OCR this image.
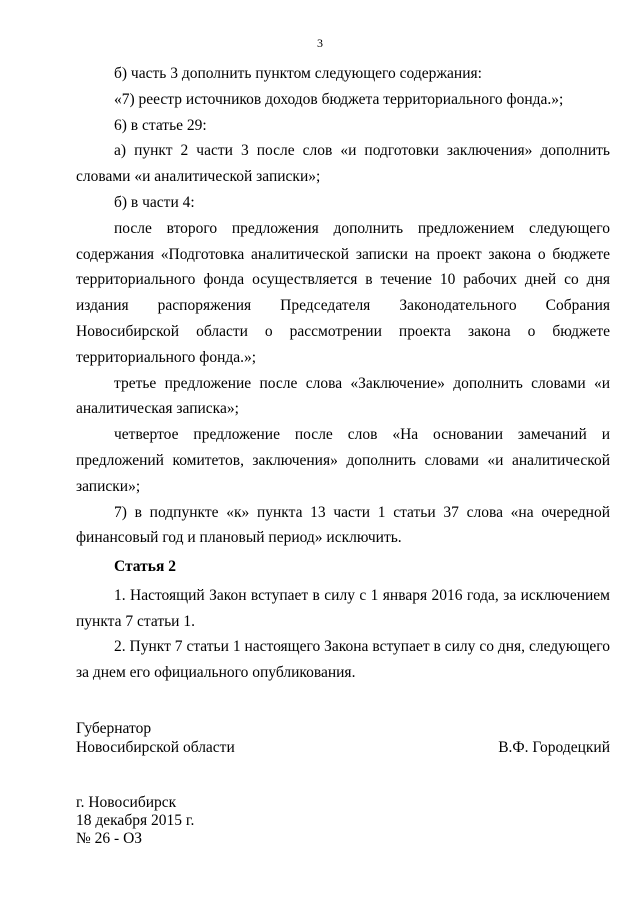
3

б) часть 3 дополнить пунктом следующего содержания:

«7) реестр источников доходов бюджета территориального фонда.»;

6) в статье 29:

а) пункт 2 части 3 после слов «и подготовки заключения» дополнить словами «и аналитической записки»;

б) в части 4:

после второго предложения дополнить предложением следующего содержания «Подготовка аналитической записки на проект закона о бюджете территориального фонда осуществляется в течение 10 рабочих дней со дня издания распоряжения Председателя Законодательного Собрания Новосибирской области о рассмотрении проекта закона о бюджете территориального фонда.»;

третье предложение после слова «Заключение» дополнить словами «и аналитическая записка»;

четвертое предложение после слов «На основании замечаний и предложений комитетов, заключения» дополнить словами «и аналитической записки»;

7) в подпункте «к» пункта 13 части 1 статьи 37 слова «на очередной финансовый год и плановый период» исключить.

Статья 2

1. Настоящий Закон вступает в силу с 1 января 2016 года, за исключением пункта 7 статьи 1.

2. Пункт 7 статьи 1 настоящего Закона вступает в силу со дня, следующего за днем его официального опубликования.

Губернатор
Новосибирской области	В.Ф. Городецкий
г. Новосибирск
18 декабря 2015 г.
№ 26 - ОЗ
